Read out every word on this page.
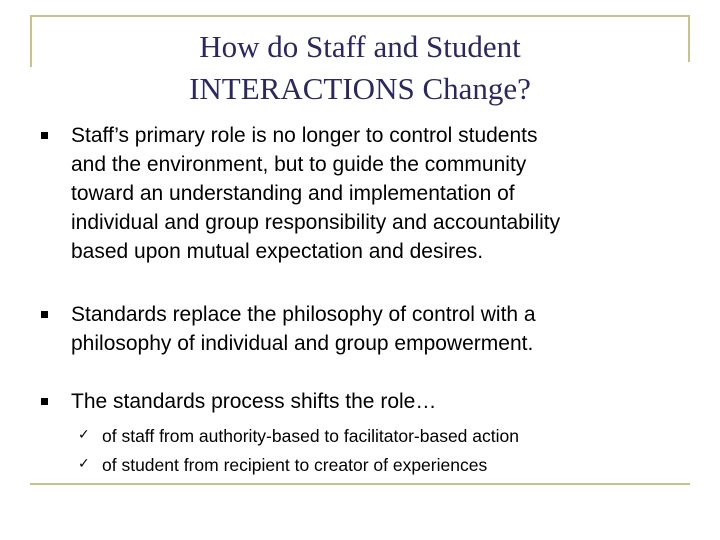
How do Staff and Student
INTERACTIONS Change?
Staff’s primary role is no longer to control students
and the environment, but to guide the community
toward an understanding and implementation of
individual and group responsibility and accountability
based upon mutual expectation and desires.
Standards replace the philosophy of control with a
philosophy of individual and group empowerment.
The standards process shifts the role…
✓ of staff from authority-based to facilitator-based action
✓ of student from recipient to creator of experiences
